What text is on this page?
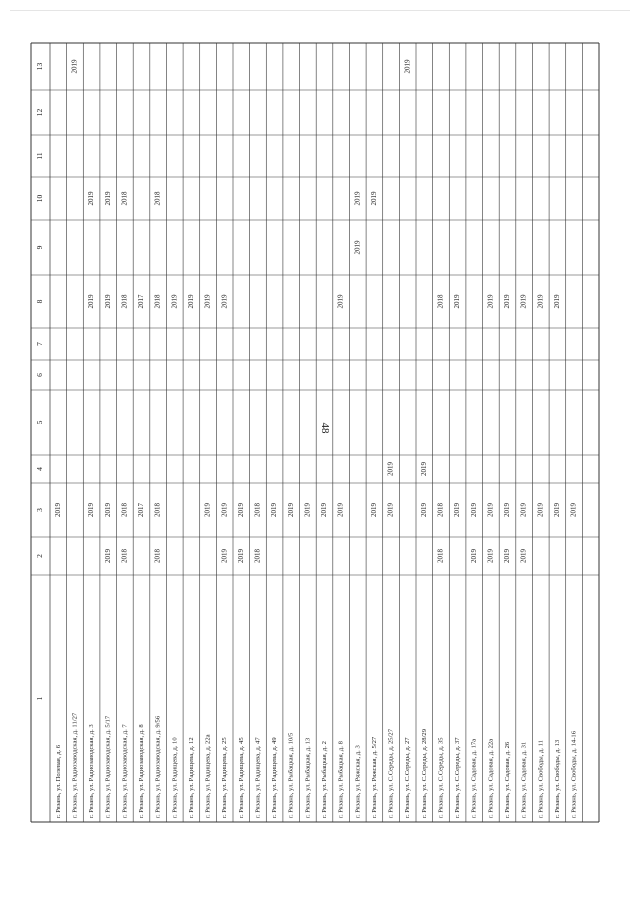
48
13
12
11
10
9
8
7
6
5
4
3
2
1
г. Рязань, ул. Полевая, д. 6
2019
г. Рязань, ул. Радиозаводская, д. 11/27
2019
г. Рязань, ул. Радиозаводская, д. 3
2019
2019
2019
г. Рязань, ул. Радиозаводская, д. 5/17
2019
2019
2019
2019
г. Рязань, ул. Радиозаводская, д. 7
2018
2018
2018
2018
г. Рязань, ул. Радиозаводская, д. 8
2017
2017
г. Рязань, ул. Радиозаводская, д. 9/56
2018
2018
2018
2018
г. Рязань, ул. Радищева, д. 10
2019
г. Рязань, ул. Радищева, д. 12
2019
г. Рязань, ул. Радищева, д. 22а
2019
2019
г. Рязань, ул. Радищева, д. 25
2019
2019
2019
г. Рязань, ул. Радищева, д. 45
2019
2019
г. Рязань, ул. Радищева, д. 47
2018
2018
г. Рязань, ул. Радищева, д. 49
2019
г. Рязань, ул. Рыбацкая, д. 10/5
2019
г. Рязань, ул. Рыбацкая, д. 13
2019
г. Рязань, ул. Рыбацкая, д. 2
2019
г. Рязань, ул. Рыбацкая, д. 8
2019
2019
г. Рязань, ул. Ряжская, д. 3
2019
2019
г. Рязань, ул. Ряжская, д. 5/27
2019
2019
г. Рязань, ул. С.Середы, д. 25/27
2019
2019
г. Рязань, ул. С.Середы, д. 27
2019
г. Рязань, ул. С.Середы, д. 28/29
2019
2019
г. Рязань, ул. С.Середы, д. 35
2018
2018
2018
г. Рязань, ул. С.Середы, д. 37
2019
2019
г. Рязань, ул. Садовая, д. 17а
2019
2019
г. Рязань, ул. Садовая, д. 22а
2019
2019
2019
г. Рязань, ул. Садовая, д. 26
2019
2019
2019
г. Рязань, ул. Садовая, д. 31
2019
2019
2019
г. Рязань, ул. Свободы, д. 11
2019
2019
г. Рязань, ул. Свободы, д. 13
2019
2019
г. Рязань, ул. Свободы, д. 14-16
2019
